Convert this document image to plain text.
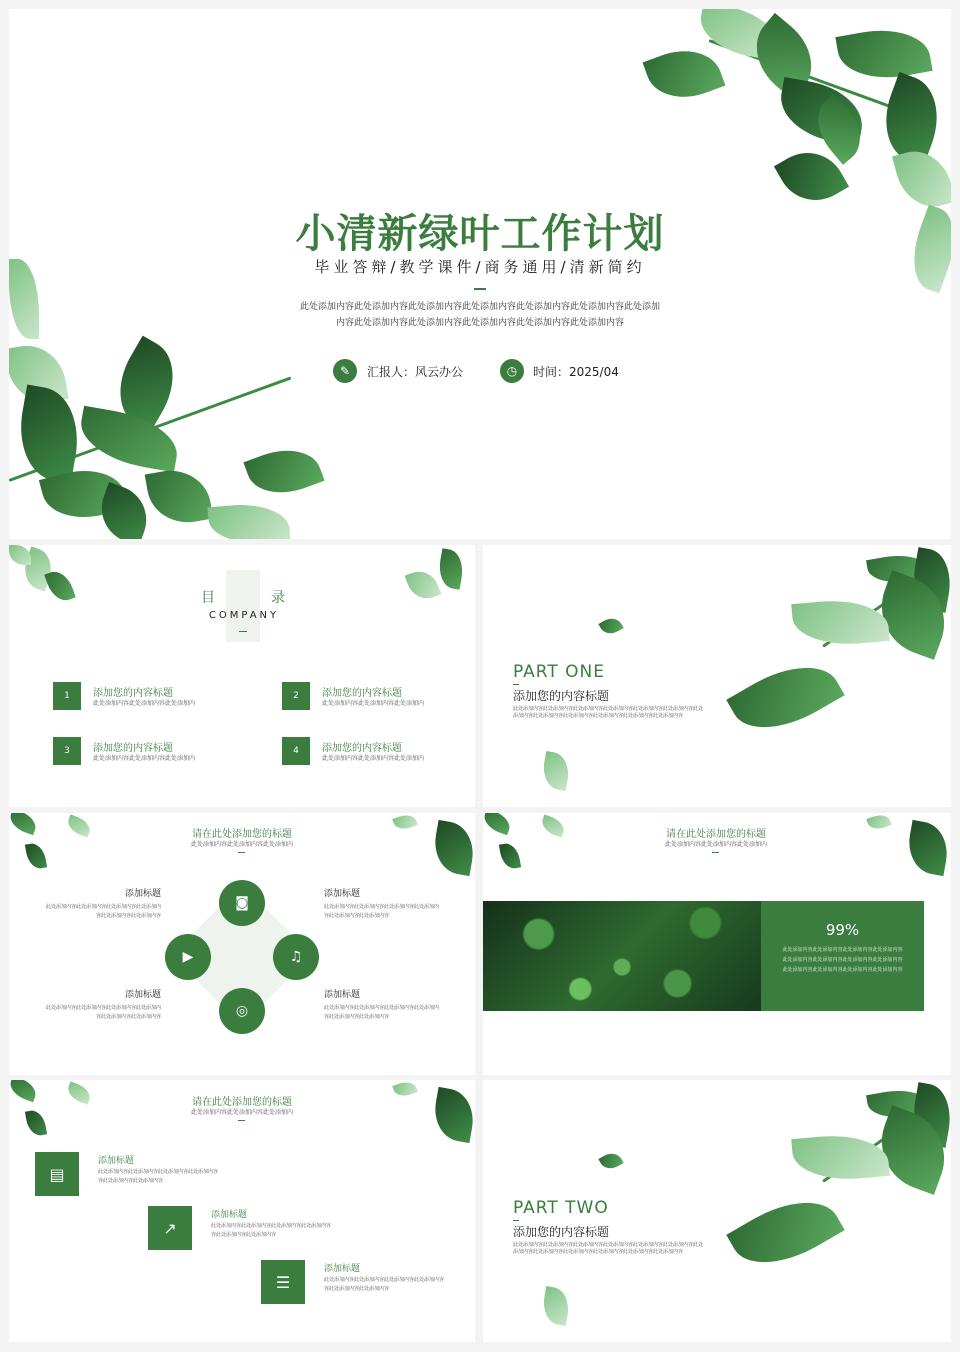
小清新绿叶工作计划
毕业答辩/教学课件/商务通用/清新简约
此处添加内容此处添加内容此处添加内容此处添加内容此处添加内容此处添加内容此处添加
内容此处添加内容此处添加内容此处添加内容此处添加内容此处添加内容
✎	汇报人：风云办公	◷	时间：2025/04
目	录
COMPANY
1	添加您的内容标题
此处添加内容此处添加内容此处添加内
2	添加您的内容标题
此处添加内容此处添加内容此处添加内
3	添加您的内容标题
此处添加内容此处添加内容此处添加内
4	添加您的内容标题
此处添加内容此处添加内容此处添加内
PART ONE
添加您的内容标题
此处添加内容此处添加内容此处添加内容此处添加内容此处添加内容此处添加内容此处
添加内容此处添加内容此处添加内容此处添加内容此处添加内容此处添加内容
请在此处添加您的标题
此处添加内容此处添加内容此处添加内
◙
▶	♫
◎
添加标题
此处添加内容此处添加内容此处添加内容此处添加内
容此处添加内容此处添加内容
添加标题
此处添加内容此处添加内容此处添加内容此处添加内
容此处添加内容此处添加内容
添加标题
此处添加内容此处添加内容此处添加内容此处添加内
容此处添加内容此处添加内容
添加标题
此处添加内容此处添加内容此处添加内容此处添加内
容此处添加内容此处添加内容
请在此处添加您的标题
此处添加内容此处添加内容此处添加内
99%
此处添加内容此处添加内容此处添加内容此处添加内容
此处添加内容此处添加内容此处添加内容此处添加内容
此处添加内容此处添加内容此处添加内容此处添加内容
请在此处添加您的标题
此处添加内容此处添加内容此处添加内
▤
添加标题
此处添加内容此处添加内容此处添加内容此处添加内容
容此处添加内容此处添加内容
↗
添加标题
此处添加内容此处添加内容此处添加内容此处添加内容
容此处添加内容此处添加内容
☰
添加标题
此处添加内容此处添加内容此处添加内容此处添加内容
容此处添加内容此处添加内容
PART TWO
添加您的内容标题
此处添加内容此处添加内容此处添加内容此处添加内容此处添加内容此处添加内容此处
添加内容此处添加内容此处添加内容此处添加内容此处添加内容此处添加内容
